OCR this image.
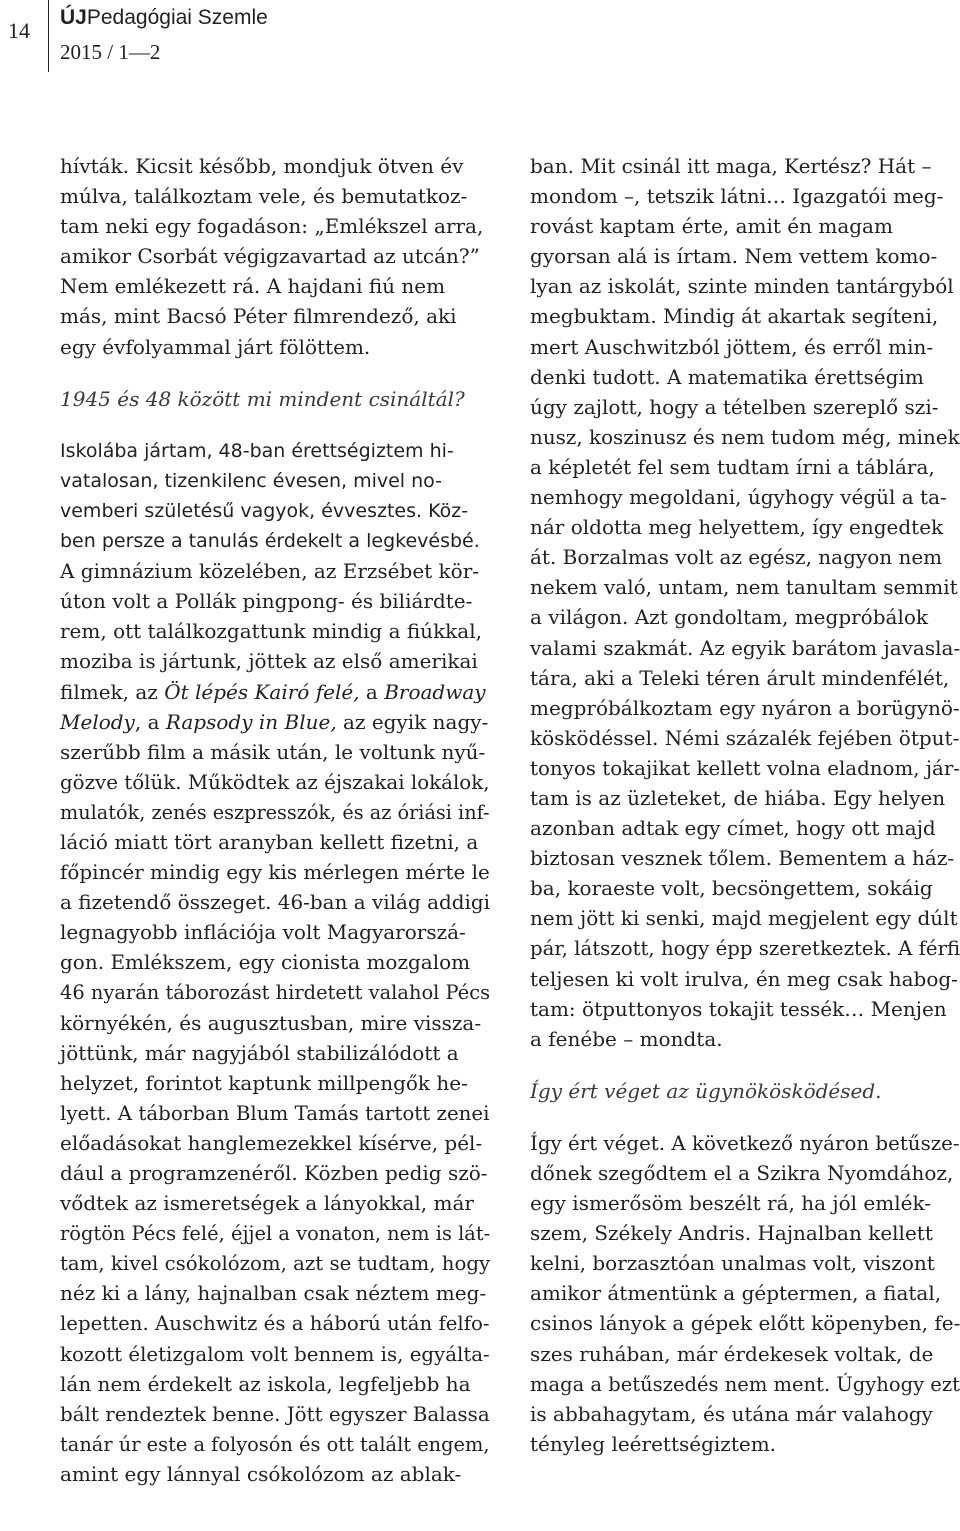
14
ÚJPedagógiai Szemle
2015 / 1—2
hívták. Kicsit később, mondjuk ötven év
múlva, találkoztam vele, és bemutatkoz-
tam neki egy fogadáson: „Emlékszel arra,
amikor Csorbát végigzavartad az utcán?”
Nem emlékezett rá. A hajdani fiú nem
más, mint Bacsó Péter filmrendező, aki
egy évfolyammal járt fölöttem.
1945 és 48 között mi mindent csináltál?
Iskolába jártam, 48-ban érettségiztem hi-
vatalosan, tizenkilenc évesen, mivel no-
vemberi születésű vagyok, évvesztes. Köz-
ben persze a tanulás érdekelt a legkevésbé.
A gimnázium közelében, az Erzsébet kör-
úton volt a Pollák pingpong- és biliárdte-
rem, ott találkozgattunk mindig a fiúkkal,
moziba is jártunk, jöttek az első amerikai
filmek, az Öt lépés Kairó felé, a Broadway
Melody, a Rapsody in Blue, az egyik nagy-
szerűbb film a másik után, le voltunk nyű-
gözve tőlük. Működtek az éjszakai lokálok,
mulatók, zenés eszpresszók, és az óriási inf-
láció miatt tört aranyban kellett fizetni, a
főpincér mindig egy kis mérlegen mérte le
a fizetendő összeget. 46-ban a világ addigi
legnagyobb inflációja volt Magyarorszá-
gon. Emlékszem, egy cionista mozgalom
46 nyarán táborozást hirdetett valahol Pécs
környékén, és augusztusban, mire vissza-
jöttünk, már nagyjából stabilizálódott a
helyzet, forintot kaptunk millpengők he-
lyett. A táborban Blum Tamás tartott zenei
előadásokat hanglemezekkel kísérve, pél-
dául a programzenéről. Közben pedig szö-
vődtek az ismeretségek a lányokkal, már
rögtön Pécs felé, éjjel a vonaton, nem is lát-
tam, kivel csókolózom, azt se tudtam, hogy
néz ki a lány, hajnalban csak néztem meg-
lepetten. Auschwitz és a háború után felfo-
kozott életizgalom volt bennem is, egyálta-
lán nem érdekelt az iskola, legfeljebb ha
bált rendeztek benne. Jött egyszer Balassa
tanár úr este a folyosón és ott talált engem,
amint egy lánnyal csókolózom az ablak-
ban. Mit csinál itt maga, Kertész? Hát –
mondom –, tetszik látni… Igazgatói meg-
rovást kaptam érte, amit én magam
gyorsan alá is írtam. Nem vettem komo-
lyan az iskolát, szinte minden tantárgyból
megbuktam. Mindig át akartak segíteni,
mert Auschwitzból jöttem, és erről min-
denki tudott. A matematika érettségim
úgy zajlott, hogy a tételben szereplő szi-
nusz, koszinusz és nem tudom még, minek
a képletét fel sem tudtam írni a táblára,
nemhogy megoldani, úgyhogy végül a ta-
nár oldotta meg helyettem, így engedtek
át. Borzalmas volt az egész, nagyon nem
nekem való, untam, nem tanultam semmit
a világon. Azt gondoltam, megpróbálok
valami szakmát. Az egyik barátom javasla-
tára, aki a Teleki téren árult mindenfélét,
megpróbálkoztam egy nyáron a borügynö-
kösködéssel. Némi százalék fejében ötput-
tonyos tokajikat kellett volna eladnom, jár-
tam is az üzleteket, de hiába. Egy helyen
azonban adtak egy címet, hogy ott majd
biztosan vesznek tőlem. Bementem a ház-
ba, koraeste volt, becsöngettem, sokáig
nem jött ki senki, majd megjelent egy dúlt
pár, látszott, hogy épp szeretkeztek. A férfi
teljesen ki volt irulva, én meg csak habog-
tam: ötputtonyos tokajit tessék… Menjen
a fenébe – mondta.
Így ért véget az ügynökösködésed.
Így ért véget. A következő nyáron betűsze-
dőnek szegődtem el a Szikra Nyomdához,
egy ismerősöm beszélt rá, ha jól emlék-
szem, Székely Andris. Hajnalban kellett
kelni, borzasztóan unalmas volt, viszont
amikor átmentünk a géptermen, a fiatal,
csinos lányok a gépek előtt köpenyben, fe-
szes ruhában, már érdekesek voltak, de
maga a betűszedés nem ment. Úgyhogy ezt
is abbahagytam, és utána már valahogy
tényleg leérettségiztem.
